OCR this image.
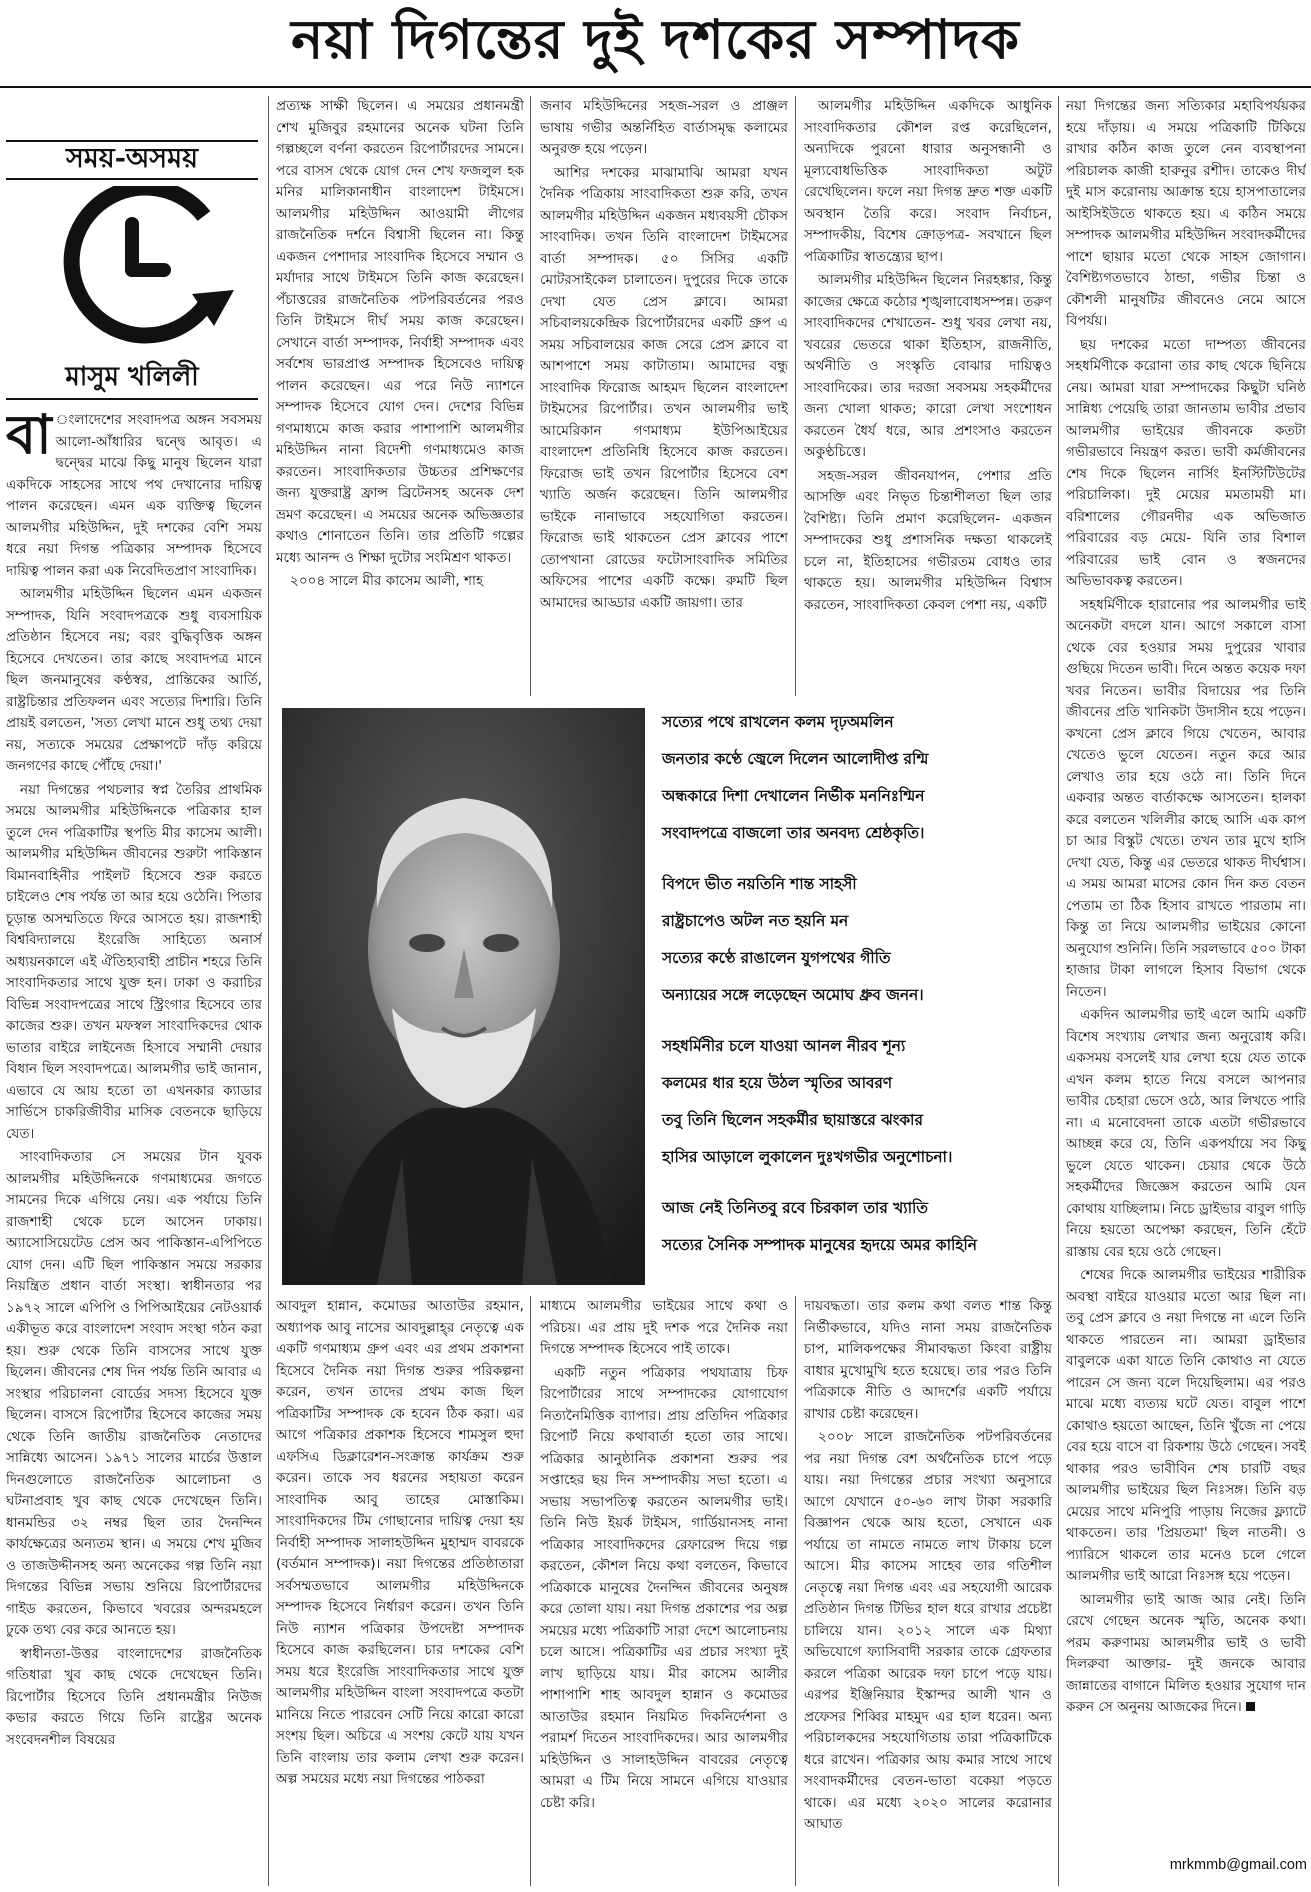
নয়া দিগন্তের দুই দশকের সম্পাদক
সময়-অসময়
মাসুম খলিলী

বা ংলাদেশের সংবাদপত্র অঙ্গন সবসময় আলো-আঁধারির দ্বন্দ্বে আবৃত। এ দ্বন্দ্বের মাঝে কিছু মানুষ ছিলেন যারা একদিকে সাহসের সাথে পথ দেখানোর দায়িত্ব পালন করেছেন। এমন এক ব্যক্তিত্ব ছিলেন আলমগীর মহিউদ্দিন, দুই দশকের বেশি সময় ধরে নয়া দিগন্ত পত্রিকার সম্পাদক হিসেবে দায়িত্ব পালন করা এক নিবেদিতপ্রাণ সাংবাদিক।

আলমগীর মহিউদ্দিন ছিলেন এমন একজন সম্পাদক, যিনি সংবাদপত্রকে শুধু ব্যবসায়িক প্রতিষ্ঠান হিসেবে নয়; বরং বুদ্ধিবৃত্তিক অঙ্গন হিসেবে দেখতেন। তার কাছে সংবাদপত্র মানে ছিল জনমানুষের কণ্ঠস্বর, প্রান্তিকের আর্তি, রাষ্ট্রচিন্তার প্রতিফলন এবং সত্যের দিশারি। তিনি প্রায়ই বলতেন, 'সত্য লেখা মানে শুধু তথ্য দেয়া নয়, সত্যকে সময়ের প্রেক্ষাপটে দাঁড় করিয়ে জনগণের কাছে পৌঁছে দেয়া।'

নয়া দিগন্তের পথচলার স্বপ্ন তৈরির প্রাথমিক সময়ে আলমগীর মহিউদ্দিনকে পত্রিকার হাল তুলে দেন পত্রিকাটির স্থপতি মীর কাসেম আলী। আলমগীর মহিউদ্দিন জীবনের শুরুটা পাকিস্তান বিমানবাহিনীর পাইলট হিসেবে শুরু করতে চাইলেও শেষ পর্যন্ত তা আর হয়ে ওঠেনি। পিতার চূড়ান্ত অসম্মতিতে ফিরে আসতে হয়। রাজশাহী বিশ্ববিদ্যালয়ে ইংরেজি সাহিত্যে অনার্স অধ্যয়নকালে এই ঐতিহ্যবাহী প্রাচীন শহরে তিনি সাংবাদিকতার সাথে যুক্ত হন। ঢাকা ও করাচির বিভিন্ন সংবাদপত্রের সাথে স্ট্রিংগার হিসেবে তার কাজের শুরু। তখন মফস্বল সাংবাদিকদের থোক ভাতার বাইরে লাইনেজ হিসাবে সম্মানী দেয়ার বিধান ছিল সংবাদপত্রে। আলমগীর ভাই জানান, এভাবে যে আয় হতো তা এখনকার ক্যাডার সার্ভিসে চাকরিজীবীর মাসিক বেতনকে ছাড়িয়ে যেত।

সাংবাদিকতার সে সময়ের টান যুবক আলমগীর মহিউদ্দিনকে গণমাধ্যমের জগতে সামনের দিকে এগিয়ে নেয়। এক পর্যায়ে তিনি রাজশাহী থেকে চলে আসেন ঢাকায়। অ্যাসোসিয়েটেড প্রেস অব পাকিস্তান-এপিপিতে যোগ দেন। এটি ছিল পাকিস্তান সময়ে সরকার নিয়ন্ত্রিত প্রধান বার্তা সংস্থা। স্বাধীনতার পর ১৯৭২ সালে এপিপি ও পিপিআইয়ের নেটওয়ার্ক একীভূত করে বাংলাদেশ সংবাদ সংস্থা গঠন করা হয়। শুরু থেকে তিনি বাসসের সাথে যুক্ত ছিলেন। জীবনের শেষ দিন পর্যন্ত তিনি আবার এ সংস্থার পরিচালনা বোর্ডের সদস্য হিসেবে যুক্ত ছিলেন। বাসসে রিপোর্টার হিসেবে কাজের সময় থেকে তিনি জাতীয় রাজনৈতিক নেতাদের সান্নিধ্যে আসেন। ১৯৭১ সালের মার্চের উত্তাল দিনগুলোতে রাজনৈতিক আলোচনা ও ঘটনাপ্রবাহ খুব কাছ থেকে দেখেছেন তিনি। ধানমন্ডির ৩২ নম্বর ছিল তার দৈনন্দিন কার্যক্ষেত্রের অন্যতম স্থান। এ সময়ে শেখ মুজিব ও তাজউদ্দীনসহ অন্য অনেকের গল্প তিনি নয়া দিগন্তের বিভিন্ন সভায় শুনিয়ে রিপোর্টারদের গাইড করতেন, কিভাবে খবরের অন্দরমহলে ঢুকে তথ্য বের করে আনতে হয়।

স্বাধীনতা-উত্তর বাংলাদেশের রাজনৈতিক গতিধারা খুব কাছ থেকে দেখেছেন তিনি। রিপোর্টার হিসেবে তিনি প্রধানমন্ত্রীর নিউজ কভার করতে গিয়ে তিনি রাষ্ট্রের অনেক সংবেদনশীল বিষয়ের

প্রত্যক্ষ সাক্ষী ছিলেন। এ সময়ের প্রধানমন্ত্রী শেখ মুজিবুর রহমানের অনেক ঘটনা তিনি গল্পচ্ছলে বর্ণনা করতেন রিপোর্টারদের সামনে। পরে বাসস থেকে যোগ দেন শেখ ফজলুল হক মনির মালিকানাধীন বাংলাদেশ টাইমসে। আলমগীর মহিউদ্দিন আওয়ামী লীগের রাজনৈতিক দর্শনে বিশ্বাসী ছিলেন না। কিন্তু একজন পেশাদার সাংবাদিক হিসেবে সম্মান ও মর্যাদার সাথে টাইমসে তিনি কাজ করেছেন। পঁচাত্তরের রাজনৈতিক পটপরিবর্তনের পরও তিনি টাইমসে দীর্ঘ সময় কাজ করেছেন। সেখানে বার্তা সম্পাদক, নির্বাহী সম্পাদক এবং সর্বশেষ ভারপ্রাপ্ত সম্পাদক হিসেবেও দায়িত্ব পালন করেছেন। এর পরে নিউ ন্যাশনে সম্পাদক হিসেবে যোগ দেন। দেশের বিভিন্ন গণমাধ্যমে কাজ করার পাশাপাশি আলমগীর মহিউদ্দিন নানা বিদেশী গণমাধ্যমেও কাজ করতেন। সাংবাদিকতার উচ্চতর প্রশিক্ষণের জন্য যুক্তরাষ্ট্র ফ্রান্স ব্রিটেনসহ অনেক দেশ ভ্রমণ করেছেন। এ সময়ের অনেক অভিজ্ঞতার কথাও শোনাতেন তিনি। তার প্রতিটি গল্পের মধ্যে আনন্দ ও শিক্ষা দুটোর সংমিশ্রণ থাকত।

২০০৪ সালে মীর কাসেম আলী, শাহ

জনাব মহিউদ্দিনের সহজ-সরল ও প্রাঞ্জল ভাষায় গভীর অন্তর্নিহিত বার্তাসমৃদ্ধ কলামের অনুরক্ত হয়ে পড়েন।

আশির দশকের মাঝামাঝি আমরা যখন দৈনিক পত্রিকায় সাংবাদিকতা শুরু করি, তখন আলমগীর মহিউদ্দিন একজন মধ্যবয়সী চৌকস সাংবাদিক। তখন তিনি বাংলাদেশ টাইমসের বার্তা সম্পাদক। ৫০ সিসির একটি মোটরসাইকেল চালাতেন। দুপুরের দিকে তাকে দেখা যেত প্রেস ক্লাবে। আমরা সচিবালয়কেন্দ্রিক রিপোর্টারদের একটি গ্রুপ এ সময় সচিবালয়ের কাজ সেরে প্রেস ক্লাবে বা আশপাশে সময় কাটাতাম। আমাদের বন্ধু সাংবাদিক ফিরোজ আহমদ ছিলেন বাংলাদেশ টাইমসের রিপোর্টার। তখন আলমগীর ভাই আমেরিকান গণমাধ্যম ইউপিআইয়ের বাংলাদেশ প্রতিনিধি হিসেবে কাজ করতেন। ফিরোজ ভাই তখন রিপোর্টার হিসেবে বেশ খ্যাতি অর্জন করেছেন। তিনি আলমগীর ভাইকে নানাভাবে সহযোগিতা করতেন। ফিরোজ ভাই থাকতেন প্রেস ক্লাবের পাশে তোপখানা রোডের ফটোসাংবাদিক সমিতির অফিসের পাশের একটি কক্ষে। রুমটি ছিল আমাদের আড্ডার একটি জায়গা। তার

আলমগীর মহিউদ্দিন একদিকে আধুনিক সাংবাদিকতার কৌশল রপ্ত করেছিলেন, অন্যদিকে পুরনো ধারার অনুসন্ধানী ও মূল্যবোধভিত্তিক সাংবাদিকতা অটুট রেখেছিলেন। ফলে নয়া দিগন্ত দ্রুত শক্ত একটি অবস্থান তৈরি করে। সংবাদ নির্বাচন, সম্পাদকীয়, বিশেষ ক্রোড়পত্র- সবখানে ছিল পত্রিকাটির স্বাতন্ত্র্যের ছাপ।

আলমগীর মহিউদ্দিন ছিলেন নিরহঙ্কার, কিন্তু কাজের ক্ষেত্রে কঠোর শৃঙ্খলাবোধসম্পন্ন। তরুণ সাংবাদিকদের শেখাতেন- শুধু খবর লেখা নয়, খবরের ভেতরে থাকা ইতিহাস, রাজনীতি, অর্থনীতি ও সংস্কৃতি বোঝার দায়িত্বও সাংবাদিকের। তার দরজা সবসময় সহকর্মীদের জন্য খোলা থাকত; কারো লেখা সংশোধন করতেন ধৈর্য ধরে, আর প্রশংসাও করতেন অকুণ্ঠচিত্তে।

সহজ-সরল জীবনযাপন, পেশার প্রতি আসক্তি এবং নিভৃত চিন্তাশীলতা ছিল তার বৈশিষ্ট্য। তিনি প্রমাণ করেছিলেন- একজন সম্পাদকের শুধু প্রশাসনিক দক্ষতা থাকলেই চলে না, ইতিহাসের গভীরতম বোধও তার থাকতে হয়। আলমগীর মহিউদ্দিন বিশ্বাস করতেন, সাংবাদিকতা কেবল পেশা নয়, একটি

নয়া দিগন্তের জন্য সত্যিকার মহাবিপর্যয়কর হয়ে দাঁড়ায়। এ সময়ে পত্রিকাটি টিকিয়ে রাখার কঠিন কাজ তুলে নেন ব্যবস্থাপনা পরিচালক কাজী হারুনুর রশীদ। তাকেও দীর্ঘ দুই মাস করোনায় আক্রান্ত হয়ে হাসপাতালের আইসিইউতে থাকতে হয়। এ কঠিন সময়ে সম্পাদক আলমগীর মহিউদ্দিন সংবাদকর্মীদের পাশে ছায়ার মতো থেকে সাহস জোগান। বৈশিষ্ট্যগতভাবে ঠান্ডা, গভীর চিন্তা ও কৌশলী মানুষটির জীবনেও নেমে আসে বিপর্যয়।

ছয় দশকের মতো দাম্পত্য জীবনের সহধর্মিণীকে করোনা তার কাছ থেকে ছিনিয়ে নেয়। আমরা যারা সম্পাদকের কিছুটা ঘনিষ্ঠ সান্নিধ্য পেয়েছি তারা জানতাম ভাবীর প্রভাব আলমগীর ভাইয়ের জীবনকে কতটা গভীরভাবে নিয়ন্ত্রণ করত। ভাবী কর্মজীবনের শেষ দিকে ছিলেন নার্সিং ইনস্টিটিউটের পরিচালিকা। দুই মেয়ের মমতাময়ী মা। বরিশালের গৌরনদীর এক অভিজাত পরিবারের বড় মেয়ে- যিনি তার বিশাল পরিবারের ভাই বোন ও স্বজনদের অভিভাবকত্ব করতেন।

সহধর্মিণীকে হারানোর পর আলমগীর ভাই অনেকটা বদলে যান। আগে সকালে বাসা থেকে বের হওয়ার সময় দুপুরের খাবার গুছিয়ে দিতেন ভাবী। দিনে অন্তত কয়েক দফা খবর নিতেন। ভাবীর বিদায়ের পর তিনি জীবনের প্রতি খানিকটা উদাসীন হয়ে পড়েন। কখনো প্রেস ক্লাবে গিয়ে খেতেন, আবার খেতেও ভুলে যেতেন। নতুন করে আর লেখাও তার হয়ে ওঠে না। তিনি দিনে একবার অন্তত বার্তাকক্ষে আসতেন। হালকা করে বলতেন খলিলীর কাছে আসি এক কাপ চা আর বিস্কুট খেতে। তখন তার মুখে হাসি দেখা যেত, কিন্তু এর ভেতরে থাকত দীর্ঘশ্বাস। এ সময় আমরা মাসের কোন দিন কত বেতন পেতাম তা ঠিক হিসাব রাখতে পারতাম না। কিন্তু তা নিয়ে আলমগীর ভাইয়ের কোনো অনুযোগ শুনিনি। তিনি সরলভাবে ৫০০ টাকা হাজার টাকা লাগলে হিসাব বিভাগ থেকে নিতেন।

একদিন আলমগীর ভাই এলে আমি একটি বিশেষ সংখ্যায় লেখার জন্য অনুরোধ করি। একসময় বসলেই যার লেখা হয়ে যেত তাকে এখন কলম হাতে নিয়ে বসলে আপনার ভাবীর চেহারা ভেসে ওঠে, আর লিখতে পারি না। এ মনোবেদনা তাকে এতটা গভীরভাবে আচ্ছন্ন করে যে, তিনি একপর্যায়ে সব কিছু ভুলে যেতে থাকেন। চেয়ার থেকে উঠে সহকর্মীদের জিজ্ঞেস করতেন আমি যেন কোথায় যাচ্ছিলাম। নিচে ড্রাইভার বাবুল গাড়ি নিয়ে হয়তো অপেক্ষা করছেন, তিনি হেঁটে রাস্তায় বের হয়ে ওঠে গেছেন।

শেষের দিকে আলমগীর ভাইয়ের শারীরিক অবস্থা বাইরে যাওয়ার মতো আর ছিল না। তবু প্রেস ক্লাবে ও নয়া দিগন্তে না এলে তিনি থাকতে পারতেন না। আমরা ড্রাইভার বাবুলকে একা যাতে তিনি কোথাও না যেতে পারেন সে জন্য বলে দিয়েছিলাম। এর পরও মাঝে মধ্যে ব্যত্যয় ঘটে যেত। বাবুল পাশে কোথাও হয়তো আছেন, তিনি খুঁজে না পেয়ে বের হয়ে বাসে বা রিকশায় উঠে গেছেন। সবই থাকার পরও ভাবীবিন শেষ চারটি বছর আলমগীর ভাইয়ের ছিল নিঃসঙ্গ। তিনি বড় মেয়ের সাথে মনিপুরি পাড়ায় নিজের ফ্ল্যাটে থাকতেন। তার 'প্রিয়তমা' ছিল নাতনী। ও প্যারিসে থাকলে তার মনেও চলে গেলে আলমগীর ভাই আরো নিঃসঙ্গ হয়ে পড়েন।

আলমগীর ভাই আজ আর নেই। তিনি রেখে গেছেন অনেক স্মৃতি, অনেক কথা। পরম করুণাময় আলমগীর ভাই ও ভাবী দিলরুবা আক্তার- দুই জনকে আবার জান্নাতের বাগানে মিলিত হওয়ার সুযোগ দান করুন সে অনুনয় আজকের দিনে।

সত্যের পথে রাখলেন কলম দৃঢ়অমলিন
জনতার কণ্ঠে জ্বেলে দিলেন আলোদীপ্ত রশ্মি
অন্ধকারে দিশা দেখালেন নির্ভীক মননিঃশ্মিন
সংবাদপত্রে বাজলো তার অনবদ্য শ্রেষ্ঠকৃতি।
বিপদে ভীত নয়তিনি শান্ত সাহসী
রাষ্ট্রচাপেও অটল নত হয়নি মন
সত্যের কণ্ঠে রাঙালেন যুগপথের গীতি
অন্যায়ের সঙ্গে লড়েছেন অমোঘ ধ্রুব জনন।
সহধর্মিনীর চলে যাওয়া আনল নীরব শূন্য
কলমের ধার হয়ে উঠল স্মৃতির আবরণ
তবু তিনি ছিলেন সহকর্মীর ছায়াস্তরে ঝংকার
হাসির আড়ালে লুকালেন দুঃখগভীর অনুশোচনা।
আজ নেই তিনিতবু রবে চিরকাল তার খ্যাতি
সত্যের সৈনিক সম্পাদক মানুষের হৃদয়ে অমর কাহিনি

আবদুল হান্নান, কমোডর আতাউর রহমান, অধ্যাপক আবু নাসের আবদুল্লাহ্‌র নেতৃত্বে এক একটি গণমাধ্যম গ্রুপ এবং এর প্রথম প্রকাশনা হিসেবে দৈনিক নয়া দিগন্ত শুরুর পরিকল্পনা করেন, তখন তাদের প্রথম কাজ ছিল পত্রিকাটির সম্পাদক কে হবেন ঠিক করা। এর আগে পত্রিকার প্রকাশক হিসেবে শামসুল হুদা এফসিএ ডিক্লারেশন-সংক্রান্ত কার্যক্রম শুরু করেন। তাকে সব ধরনের সহায়তা করেন সাংবাদিক আবু তাহের মোস্তাকিম। সাংবাদিকদের টিম গোছানোর দায়িত্ব দেয়া হয় নির্বাহী সম্পাদক সালাহউদ্দিন মুহাম্মদ বাবরকে (বর্তমান সম্পাদক)। নয়া দিগন্তের প্রতিষ্ঠাতারা সর্বসম্মতভাবে আলমগীর মহিউদ্দিনকে সম্পাদক হিসেবে নির্ধারণ করেন। তখন তিনি নিউ ন্যাশন পত্রিকার উপদেষ্টা সম্পাদক হিসেবে কাজ করছিলেন। চার দশকের বেশি সময় ধরে ইংরেজি সাংবাদিকতার সাথে যুক্ত আলমগীর মহিউদ্দিন বাংলা সংবাদপত্রে কতটা মানিয়ে নিতে পারবেন সেটি নিয়ে কারো কারো সংশয় ছিল। অচিরে এ সংশয় কেটে যায় যখন তিনি বাংলায় তার কলাম লেখা শুরু করেন। অল্প সময়ের মধ্যে নয়া দিগন্তের পাঠকরা

মাধ্যমে আলমগীর ভাইয়ের সাথে কথা ও পরিচয়। এর প্রায় দুই দশক পরে দৈনিক নয়া দিগন্তে সম্পাদক হিসেবে পাই তাকে।

একটি নতুন পত্রিকার পথযাত্রায় চিফ রিপোর্টারের সাথে সম্পাদকের যোগাযোগ নিত্যনৈমিত্তিক ব্যাপার। প্রায় প্রতিদিন পত্রিকার রিপোর্ট নিয়ে কথাবার্তা হতো তার সাথে। পত্রিকার আনুষ্ঠানিক প্রকাশনা শুরুর পর সপ্তাহের ছয় দিন সম্পাদকীয় সভা হতো। এ সভায় সভাপতিত্ব করতেন আলমগীর ভাই। তিনি নিউ ইয়র্ক টাইমস, গার্ডিয়ানসহ নানা পত্রিকার সাংবাদিকদের রেফারেন্স দিয়ে গল্প করতেন, কৌশল নিয়ে কথা বলতেন, কিভাবে পত্রিকাকে মানুষের দৈনন্দিন জীবনের অনুষঙ্গ করে তোলা যায়। নয়া দিগন্ত প্রকাশের পর অল্প সময়ের মধ্যে পত্রিকাটি সারা দেশে আলোচনায় চলে আসে। পত্রিকাটির এর প্রচার সংখ্যা দুই লাখ ছাড়িয়ে যায়। মীর কাসেম আলীর পাশাপাশি শাহ আবদুল হান্নান ও কমোডর আতাউর রহমান নিয়মিত দিকনির্দেশনা ও পরামর্শ দিতেন সাংবাদিকদের। আর আলমগীর মহিউদ্দিন ও সালাহউদ্দিন বাবরের নেতৃত্বে আমরা এ টিম নিয়ে সামনে এগিয়ে যাওয়ার চেষ্টা করি।

দায়বদ্ধতা। তার কলম কথা বলত শান্ত কিন্তু নির্ভীকভাবে, যদিও নানা সময় রাজনৈতিক চাপ, মালিকপক্ষের সীমাবদ্ধতা কিংবা রাষ্ট্রীয় বাধার মুখোমুখি হতে হয়েছে। তার পরও তিনি পত্রিকাকে নীতি ও আদর্শের একটি পর্যায়ে রাখার চেষ্টা করেছেন।

২০০৮ সালে রাজনৈতিক পটপরিবর্তনের পর নয়া দিগন্ত বেশ অর্থনৈতিক চাপে পড়ে যায়। নয়া দিগন্তের প্রচার সংখ্যা অনুসারে আগে যেখানে ৫০-৬০ লাখ টাকা সরকারি বিজ্ঞাপন থেকে আয় হতো, সেখানে এক পর্যায়ে তা নামতে নামতে লাখ টাকায় চলে আসে। মীর কাসেম সাহেব তার গতিশীল নেতৃত্বে নয়া দিগন্ত এবং এর সহযোগী আরেক প্রতিষ্ঠান দিগন্ত টিভির হাল ধরে রাখার প্রচেষ্টা চালিয়ে যান। ২০১২ সালে এক মিথ্যা অভিযোগে ফ্যাসিবাদী সরকার তাকে গ্রেফতার করলে পত্রিকা আরেক দফা চাপে পড়ে যায়। এরপর ইঞ্জিনিয়ার ইস্কান্দর আলী খান ও প্রফেসর শিব্বির মাহমুদ এর হাল ধরেন। অন্য পরিচালকদের সহযোগিতায় তারা পত্রিকাটিকে ধরে রাখেন। পত্রিকার আয় কমার সাথে সাথে সংবাদকর্মীদের বেতন-ভাতা বকেয়া পড়তে থাকে। এর মধ্যে ২০২০ সালের করোনার আঘাত

mrkmmb@gmail.com
